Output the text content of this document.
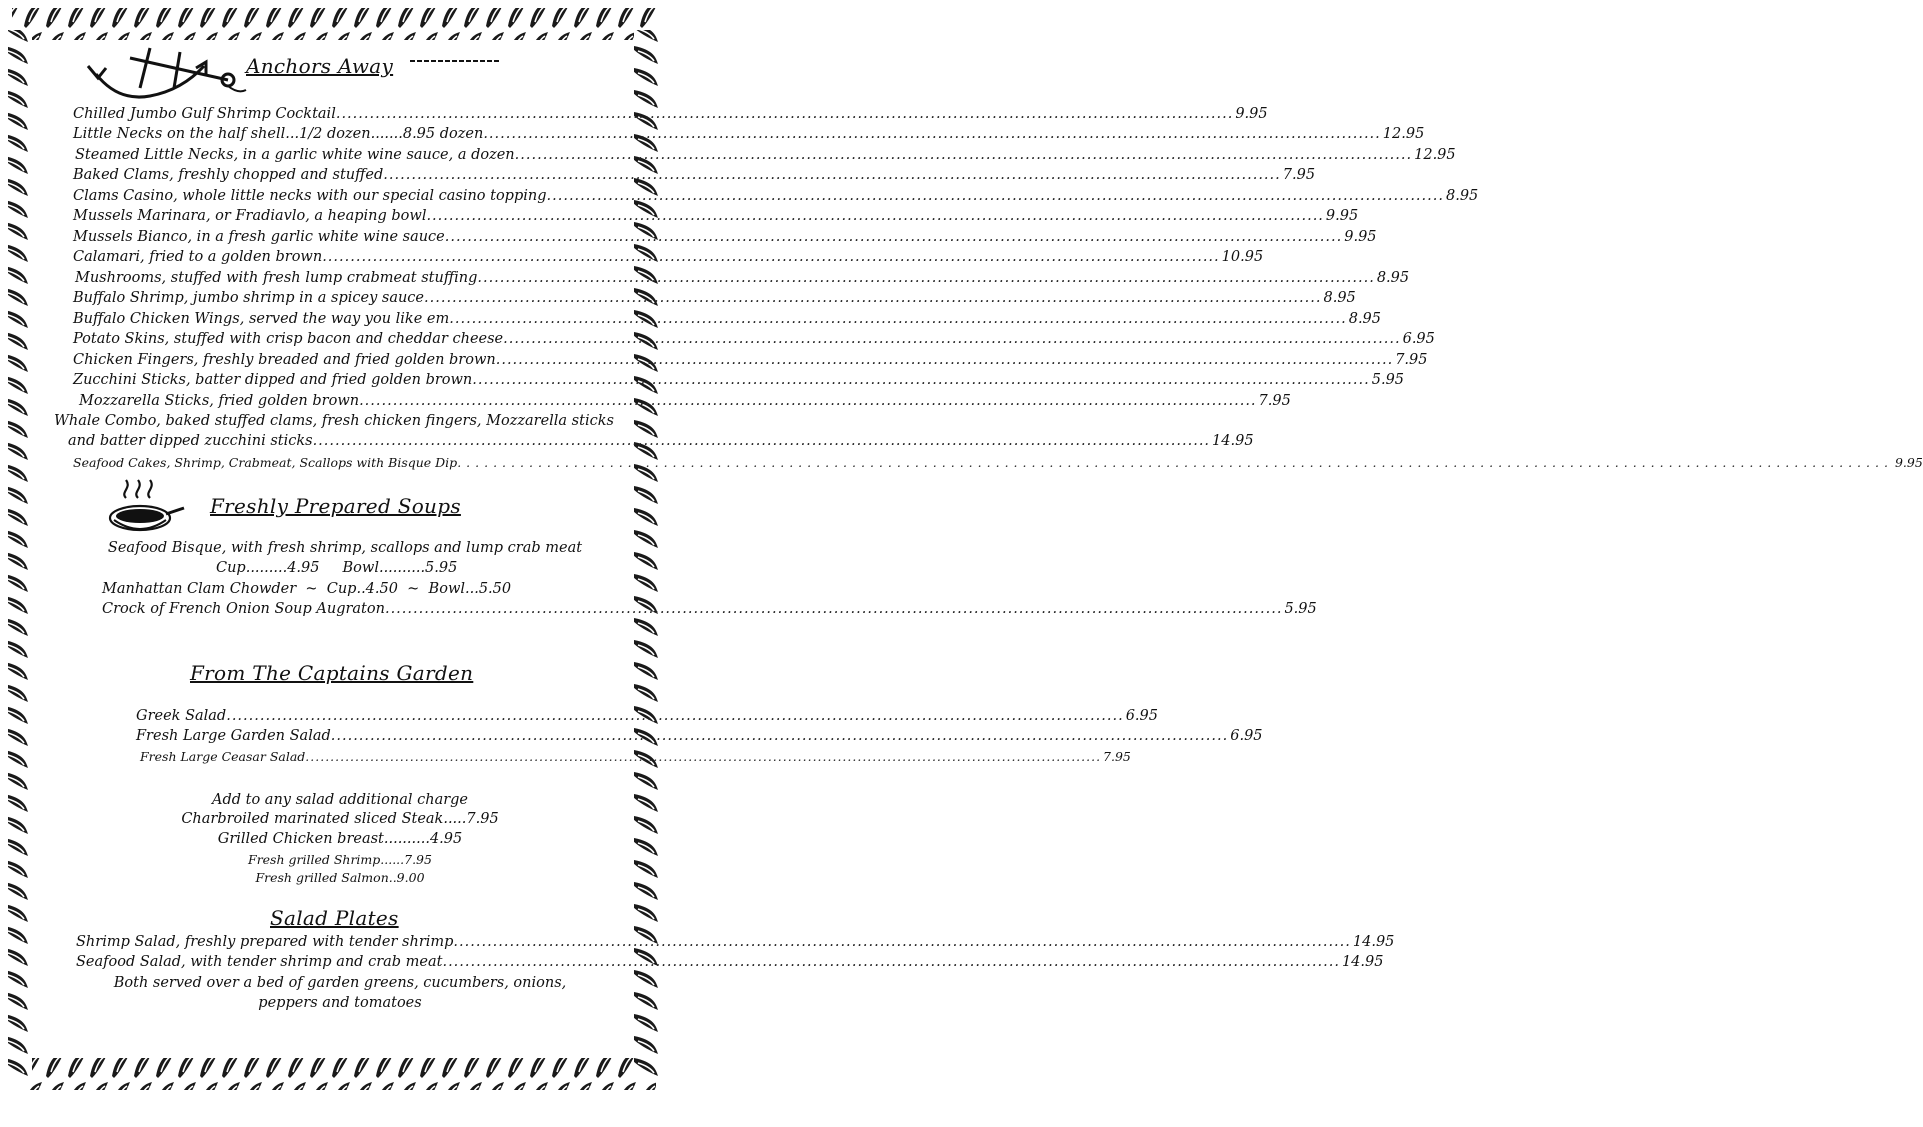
Anchors Away
Chilled Jumbo Gulf Shrimp Cocktail .....	9.95
Little Necks on the half shell...1/2 dozen.......8.95 dozen .....	12.95
Steamed Little Necks, in a garlic white wine sauce, a dozen .....	12.95
Baked Clams, freshly chopped and stuffed .....	7.95
Clams Casino, whole little necks with our special casino topping .....	8.95
Mussels Marinara, or Fradiavlo, a heaping bowl .....	9.95
Mussels Bianco, in a fresh garlic white wine sauce .....	9.95
Calamari, fried to a golden brown .....	10.95
Mushrooms, stuffed with fresh lump crabmeat stuffing .....	8.95
Buffalo Shrimp, jumbo shrimp in a spicey sauce .....	8.95
Buffalo Chicken Wings, served the way you like em .....	8.95
Potato Skins, stuffed with crisp bacon and cheddar cheese .....	6.95
Chicken Fingers, freshly breaded and fried golden brown .....	7.95
Zucchini Sticks, batter dipped and fried golden brown .....	5.95
Mozzarella Sticks, fried golden brown .....	7.95
Whale Combo, baked stuffed clams, fresh chicken fingers, Mozzarella sticks
and batter dipped zucchini sticks .....	14.95
Seafood Cakes, Shrimp, Crabmeat, Scallops with Bisque Dip .....	9.95
Freshly Prepared Soups
Seafood Bisque, with fresh shrimp, scallops and lump crab meat
Cup.........4.95     Bowl..........5.95
Manhattan Clam Chowder  ~  Cup..4.50  ~  Bowl...5.50
Crock of French Onion Soup Augraton .....	5.95
From The Captains Garden
Greek Salad .....	6.95
Fresh Large Garden Salad .....	6.95
Fresh Large Ceasar Salad .....	7.95
Add to any salad additional charge
Charbroiled marinated sliced Steak.....7.95
Grilled Chicken breast..........4.95
Fresh grilled Shrimp......7.95
Fresh grilled Salmon..9.00
Salad Plates
Shrimp Salad, freshly prepared with tender shrimp .....	14.95
Seafood Salad, with tender shrimp and crab meat .....	14.95
Both served over a bed of garden greens, cucumbers, onions,
peppers and tomatoes
